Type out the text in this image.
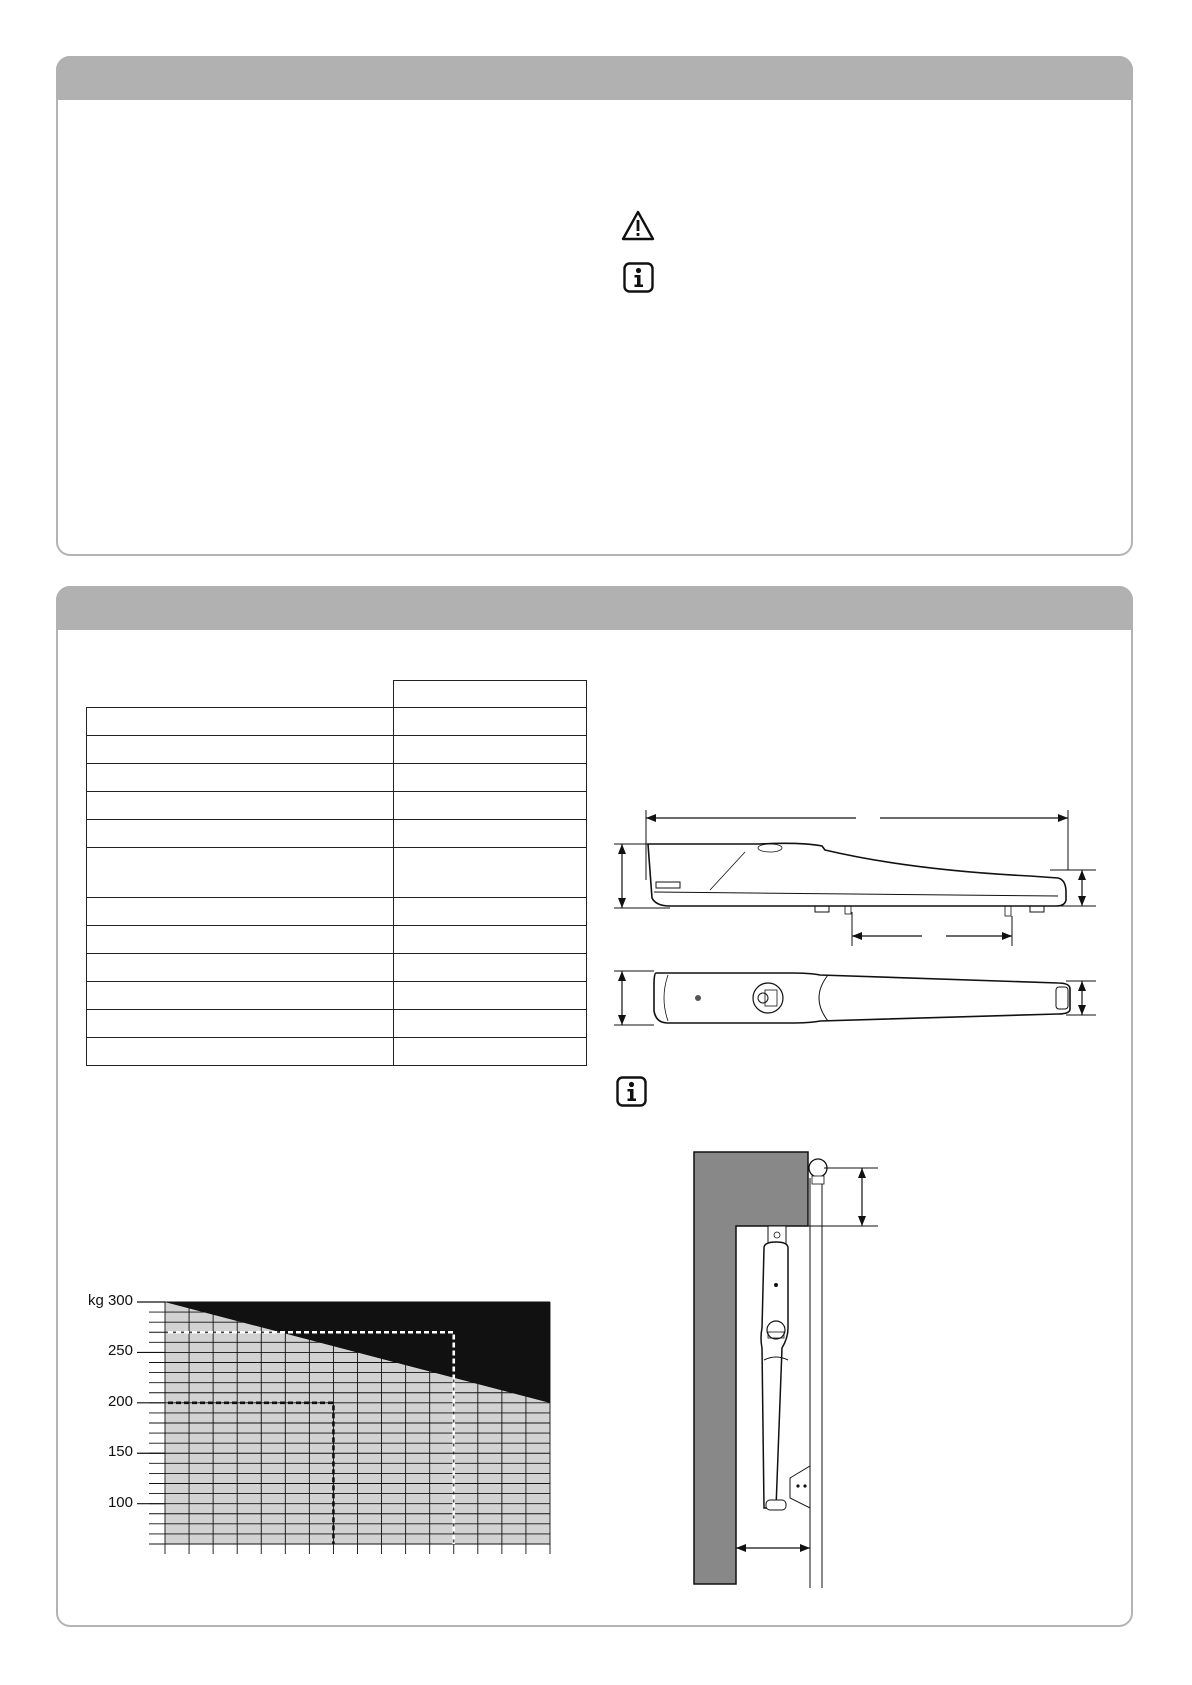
kg 300
250
200
150
100
